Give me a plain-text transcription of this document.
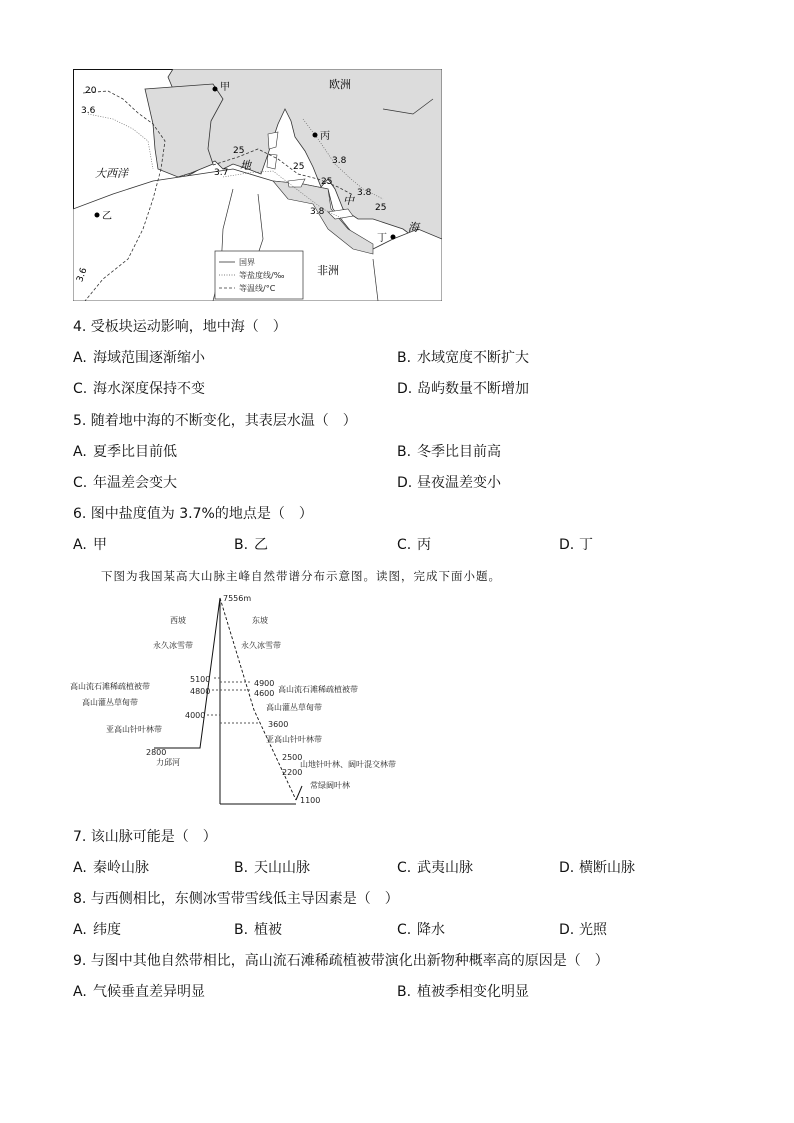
欧洲
非洲
大西洋
地
中
海
甲
乙
丙
丁
20
3.6
3.6
25
25
25
25
3.7
3.8
3.8
3.8
国界
等盐度线/‰
等温线/°C
4. 受板块运动影响，地中海（　）
A. 海域范围逐渐缩小	B. 水域宽度不断扩大
C. 海水深度保持不变	D. 岛屿数量不断增加
5. 随着地中海的不断变化，其表层水温（　）
A. 夏季比目前低	B. 冬季比目前高
C. 年温差会变大	D. 昼夜温差变小
6. 图中盐度值为 3.7%的地点是（　）
A. 甲	B. 乙	C. 丙	D. 丁
下图为我国某高大山脉主峰自然带谱分布示意图。读图，完成下面小题。
7556m
西坡	东坡
永久冰雪带	永久冰雪带
5100
4800
4000
2800
高山流石滩稀疏植被带
高山灌丛草甸带
亚高山针叶林带
力邱河
4900
4600
3600
2500
2200
1100
高山流石滩稀疏植被带
高山灌丛草甸带
亚高山针叶林带
山地针叶林、阔叶混交林带
常绿阔叶林
7. 该山脉可能是（　）
A. 秦岭山脉	B. 天山山脉	C. 武夷山脉	D. 横断山脉
8. 与西侧相比，东侧冰雪带雪线低主导因素是（　）
A. 纬度	B. 植被	C. 降水	D. 光照
9. 与图中其他自然带相比，高山流石滩稀疏植被带演化出新物种概率高的原因是（　）
A. 气候垂直差异明显	B. 植被季相变化明显
